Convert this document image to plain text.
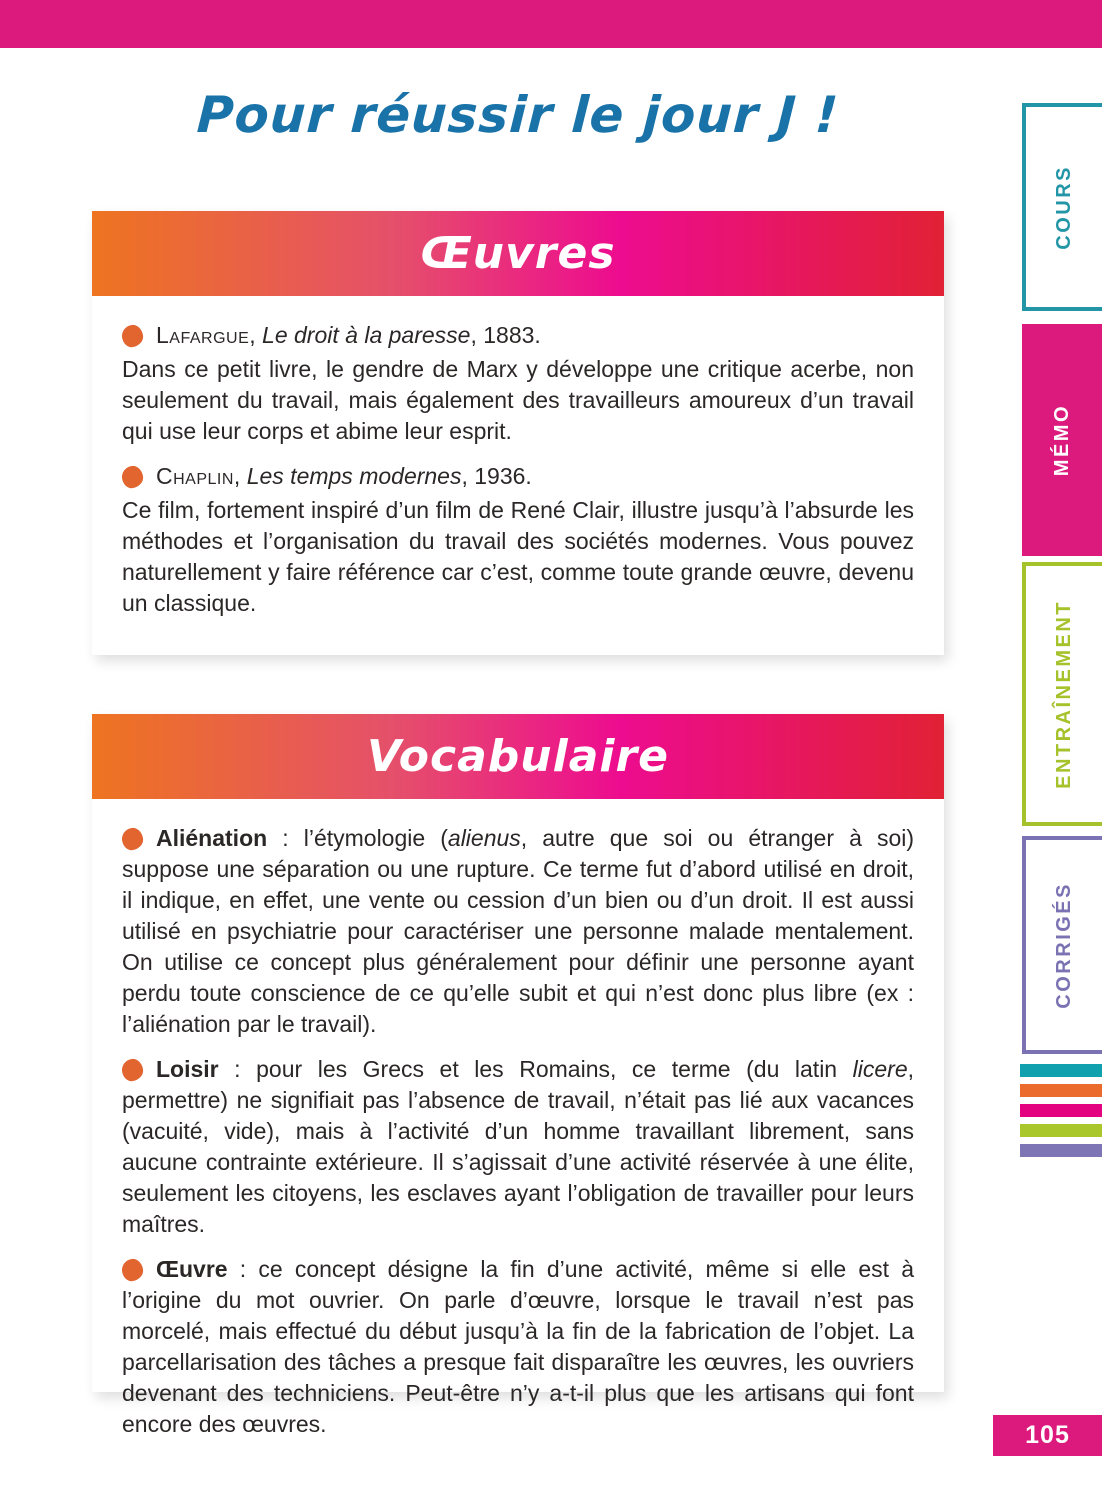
Pour réussir le jour J !
Œuvres

Lafargue, Le droit à la paresse, 1883.

Dans ce petit livre, le gendre de Marx y développe une critique acerbe, non seulement du travail, mais également des travailleurs amoureux d’un travail qui use leur corps et abime leur esprit.

Chaplin, Les temps modernes, 1936.

Ce film, fortement inspiré d’un film de René Clair, illustre jusqu’à l’absurde les méthodes et l’organisation du travail des sociétés modernes. Vous pouvez naturellement y faire référence car c’est, comme toute grande œuvre, devenu un classique.

Vocabulaire

Aliénation : l’étymologie (alienus, autre que soi ou étranger à soi) suppose une séparation ou une rupture. Ce terme fut d’abord utilisé en droit, il indique, en effet, une vente ou cession d’un bien ou d’un droit. Il est aussi utilisé en psychiatrie pour caractériser une personne malade mentalement. On utilise ce concept plus généralement pour définir une personne ayant perdu toute conscience de ce qu’elle subit et qui n’est donc plus libre (ex : l’aliénation par le travail).

Loisir : pour les Grecs et les Romains, ce terme (du latin licere, permettre) ne signifiait pas l’absence de travail, n’était pas lié aux vacances (vacuité, vide), mais à l’activité d’un homme travaillant librement, sans aucune contrainte extérieure. Il s’agissait d’une activité réservée à une élite, seulement les citoyens, les esclaves ayant l’obligation de travailler pour leurs maîtres.

Œuvre : ce concept désigne la fin d’une activité, même si elle est à l’origine du mot ouvrier. On parle d’œuvre, lorsque le travail n’est pas morcelé, mais effectué du début jusqu’à la fin de la fabrication de l’objet. La parcellarisation des tâches a presque fait disparaître les œuvres, les ouvriers devenant des techniciens. Peut-être n’y a-t-il plus que les artisans qui font encore des œuvres.

COURS
MÉMO
ENTRAÎNEMENT
CORRIGÉS
105
